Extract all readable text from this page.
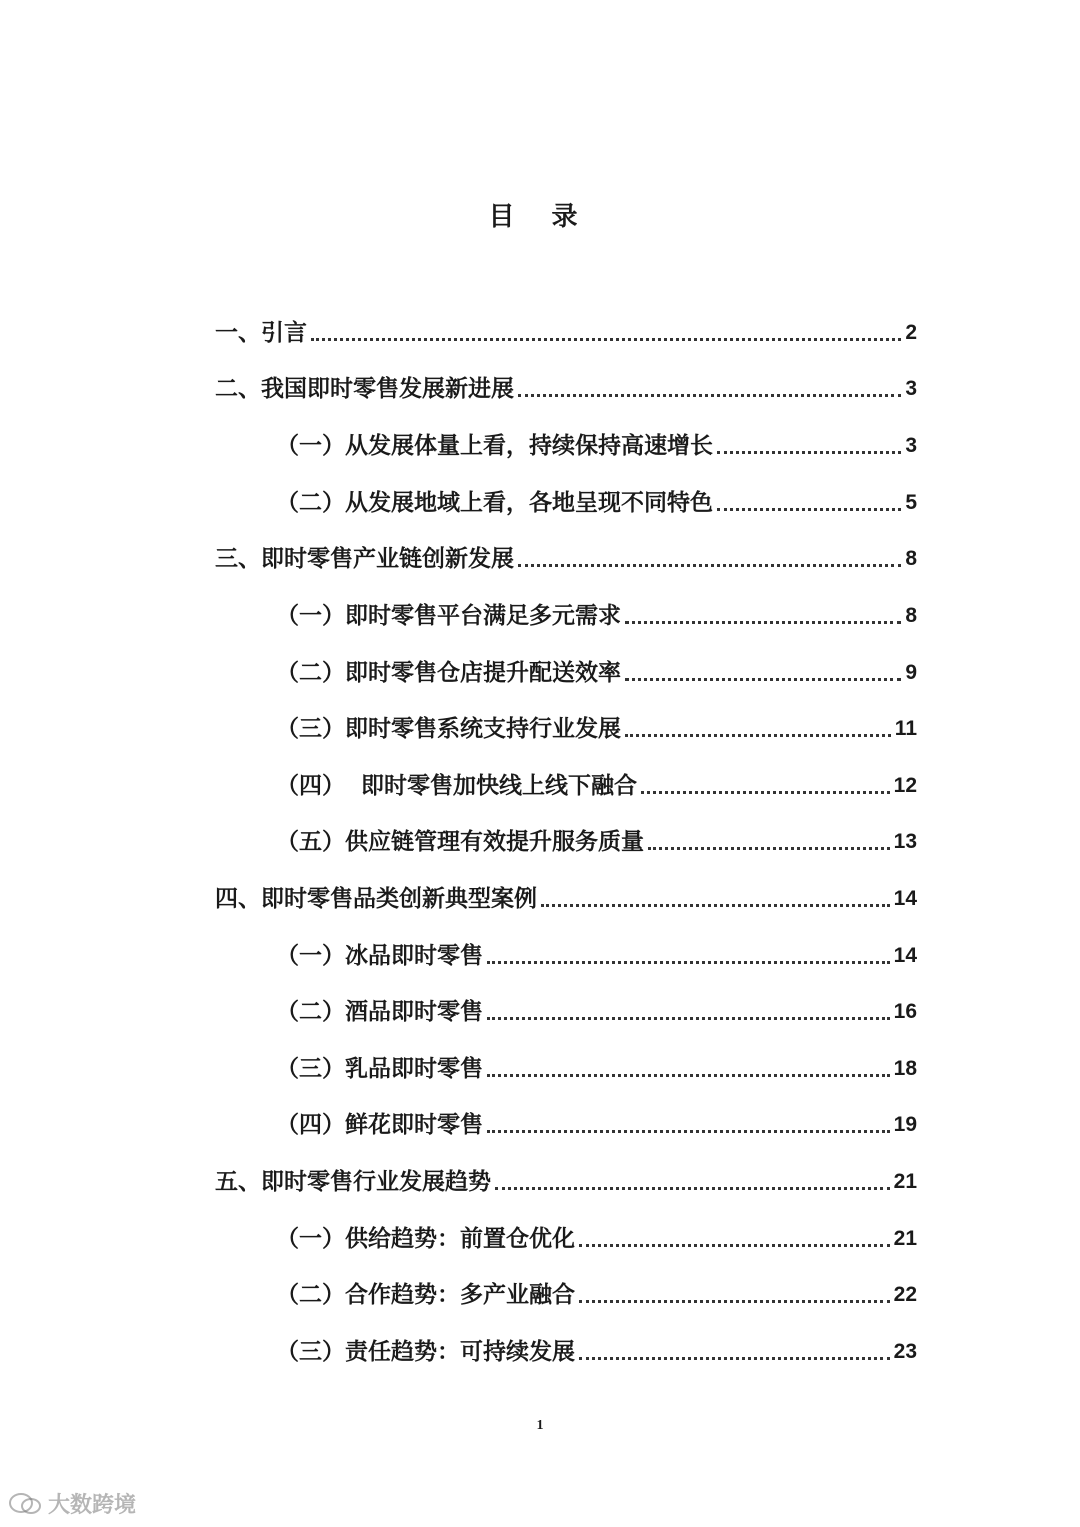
目 录
一、引言	2
二、我国即时零售发展新进展	3
（一）从发展体量上看，持续保持高速增长	3
（二）从发展地域上看，各地呈现不同特色	5
三、即时零售产业链创新发展	8
（一）即时零售平台满足多元需求	8
（二）即时零售仓店提升配送效率	9
（三）即时零售系统支持行业发展	11
（四）  即时零售加快线上线下融合	12
（五）供应链管理有效提升服务质量	13
四、即时零售品类创新典型案例	14
（一）冰品即时零售	14
（二）酒品即时零售	16
（三）乳品即时零售	18
（四）鲜花即时零售	19
五、即时零售行业发展趋势	21
（一）供给趋势：前置仓优化	21
（二）合作趋势：多产业融合	22
（三）责任趋势：可持续发展	23
1
大数跨境
